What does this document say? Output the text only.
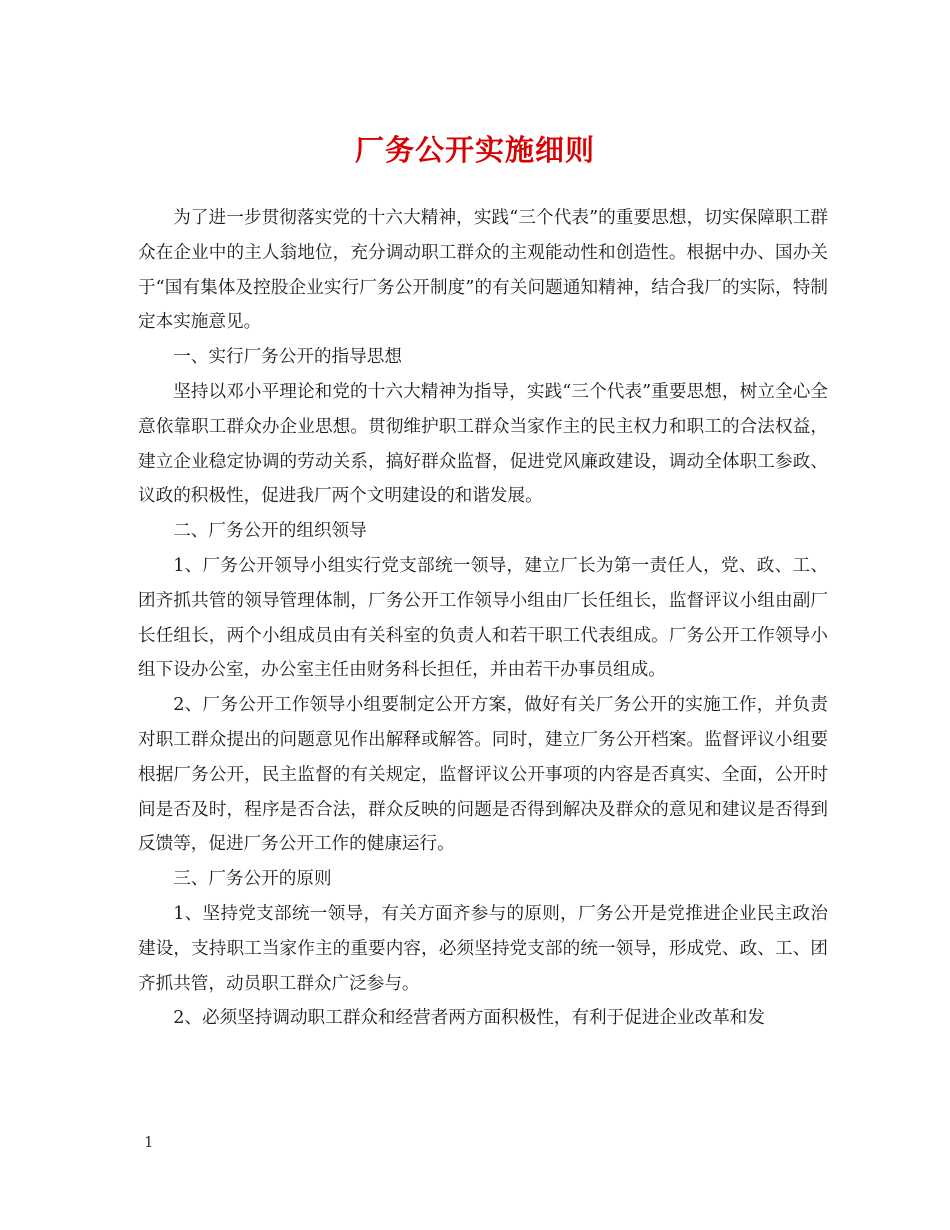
厂务公开实施细则

为了进一步贯彻落实党的十六大精神，实践“三个代表”的重要思想，切实保障职工群众在企业中的主人翁地位，充分调动职工群众的主观能动性和创造性。根据中办、国办关于“国有集体及控股企业实行厂务公开制度”的有关问题通知精神，结合我厂的实际，特制定本实施意见。

一、实行厂务公开的指导思想

坚持以邓小平理论和党的十六大精神为指导，实践“三个代表”重要思想，树立全心全意依靠职工群众办企业思想。贯彻维护职工群众当家作主的民主权力和职工的合法权益，建立企业稳定协调的劳动关系，搞好群众监督，促进党风廉政建设，调动全体职工参政、议政的积极性，促进我厂两个文明建设的和谐发展。

二、厂务公开的组织领导

1、厂务公开领导小组实行党支部统一领导，建立厂长为第一责任人，党、政、工、团齐抓共管的领导管理体制，厂务公开工作领导小组由厂长任组长，监督评议小组由副厂长任组长，两个小组成员由有关科室的负责人和若干职工代表组成。厂务公开工作领导小组下设办公室，办公室主任由财务科长担任，并由若干办事员组成。

2、厂务公开工作领导小组要制定公开方案，做好有关厂务公开的实施工作，并负责对职工群众提出的问题意见作出解释或解答。同时，建立厂务公开档案。监督评议小组要根据厂务公开，民主监督的有关规定，监督评议公开事项的内容是否真实、全面，公开时间是否及时，程序是否合法，群众反映的问题是否得到解决及群众的意见和建议是否得到反馈等，促进厂务公开工作的健康运行。

三、厂务公开的原则

1、坚持党支部统一领导，有关方面齐参与的原则，厂务公开是党推进企业民主政治建设，支持职工当家作主的重要内容，必须坚持党支部的统一领导，形成党、政、工、团齐抓共管，动员职工群众广泛参与。

2、必须坚持调动职工群众和经营者两方面积极性，有利于促进企业改革和发

1
